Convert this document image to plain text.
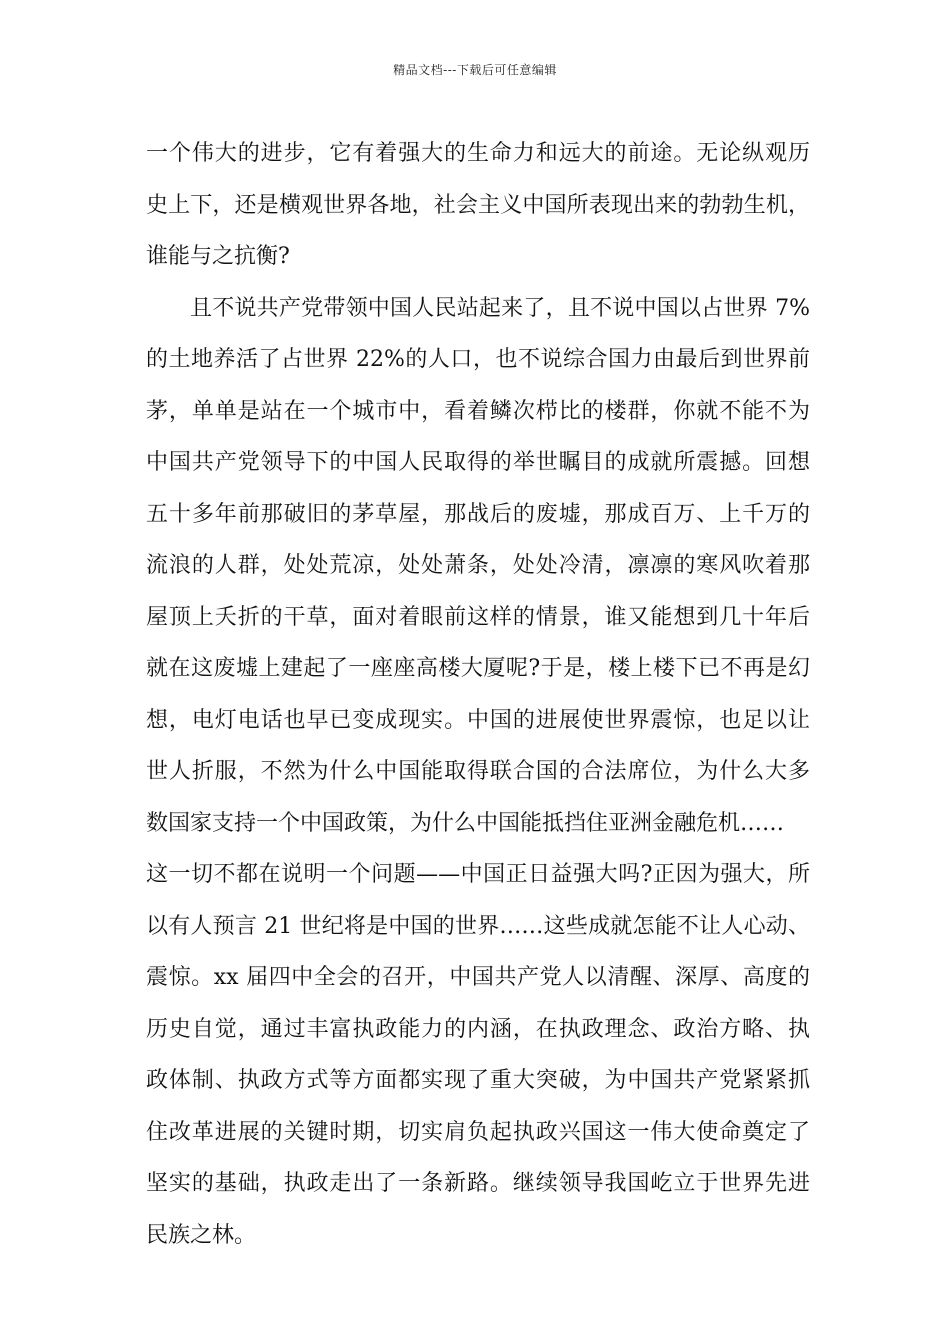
精品文档---下载后可任意编辑
一个伟大的进步，它有着强大的生命力和远大的前途。无论纵观历
史上下，还是横观世界各地，社会主义中国所表现出来的勃勃生机，
谁能与之抗衡?
且不说共产党带领中国人民站起来了，且不说中国以占世界 7%
的土地养活了占世界 22%的人口，也不说综合国力由最后到世界前
茅，单单是站在一个城市中，看着鳞次栉比的楼群，你就不能不为
中国共产党领导下的中国人民取得的举世瞩目的成就所震撼。回想
五十多年前那破旧的茅草屋，那战后的废墟，那成百万、上千万的
流浪的人群，处处荒凉，处处萧条，处处冷清，凛凛的寒风吹着那
屋顶上夭折的干草，面对着眼前这样的情景，谁又能想到几十年后
就在这废墟上建起了一座座高楼大厦呢?于是，楼上楼下已不再是幻
想，电灯电话也早已变成现实。中国的进展使世界震惊，也足以让
世人折服，不然为什么中国能取得联合国的合法席位，为什么大多
数国家支持一个中国政策，为什么中国能抵挡住亚洲金融危机……
这一切不都在说明一个问题——中国正日益强大吗?正因为强大，所
以有人预言 21 世纪将是中国的世界……这些成就怎能不让人心动、
震惊。xx 届四中全会的召开，中国共产党人以清醒、深厚、高度的
历史自觉，通过丰富执政能力的内涵，在执政理念、政治方略、执
政体制、执政方式等方面都实现了重大突破，为中国共产党紧紧抓
住改革进展的关键时期，切实肩负起执政兴国这一伟大使命奠定了
坚实的基础，执政走出了一条新路。继续领导我国屹立于世界先进
民族之林。
